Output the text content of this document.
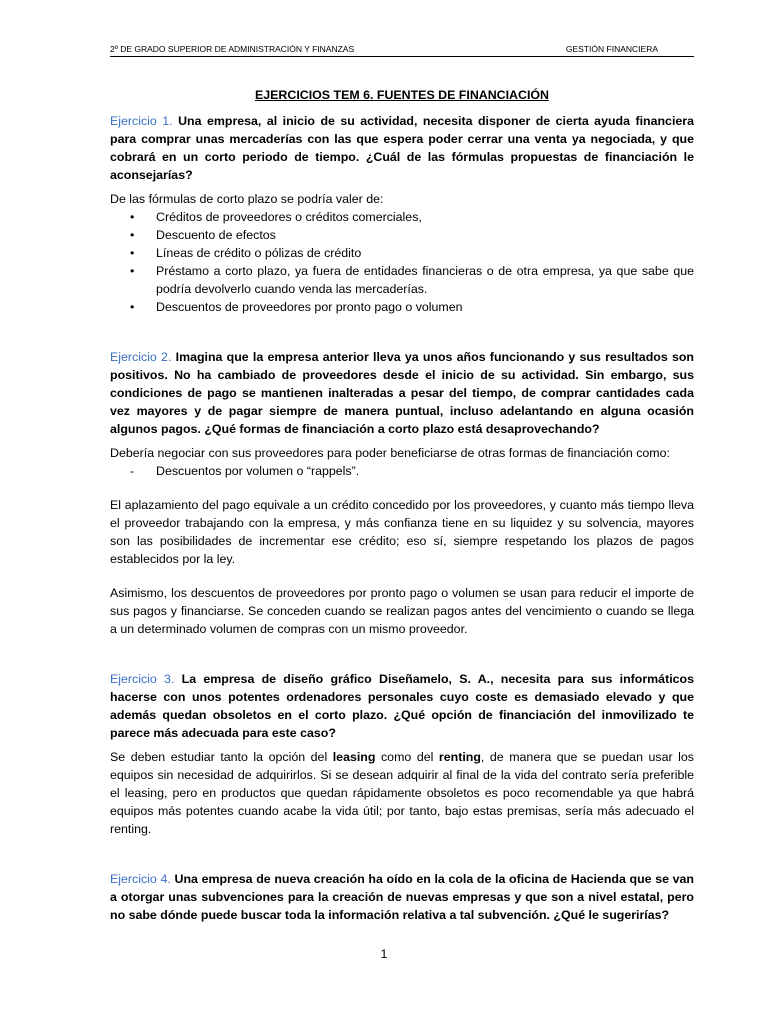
2º DE GRADO SUPERIOR DE ADMINISTRACIÓN Y FINANZAS	GESTIÓN FINANCIERA

EJERCICIOS TEM 6. FUENTES DE FINANCIACIÓN

Ejercicio 1. Una empresa, al inicio de su actividad, necesita disponer de cierta ayuda financiera para comprar unas mercaderías con las que espera poder cerrar una venta ya negociada, y que cobrará en un corto periodo de tiempo. ¿Cuál de las fórmulas propuestas de financiación le aconsejarías?

De las fórmulas de corto plazo se podría valer de:

• Créditos de proveedores o créditos comerciales,
• Descuento de efectos
• Líneas de crédito o pólizas de crédito
• Préstamo a corto plazo, ya fuera de entidades financieras o de otra empresa, ya que sabe que podría devolverlo cuando venda las mercaderías.
• Descuentos de proveedores por pronto pago o volumen

Ejercicio 2. Imagina que la empresa anterior lleva ya unos años funcionando y sus resultados son positivos. No ha cambiado de proveedores desde el inicio de su actividad. Sin embargo, sus condiciones de pago se mantienen inalteradas a pesar del tiempo, de comprar cantidades cada vez mayores y de pagar siempre de manera puntual, incluso adelantando en alguna ocasión algunos pagos. ¿Qué formas de financiación a corto plazo está desaprovechando?

Debería negociar con sus proveedores para poder beneficiarse de otras formas de financiación como:

- Descuentos por volumen o “rappels”.

El aplazamiento del pago equivale a un crédito concedido por los proveedores, y cuanto más tiempo lleva el proveedor trabajando con la empresa, y más confianza tiene en su liquidez y su solvencia, mayores son las posibilidades de incrementar ese crédito; eso sí, siempre respetando los plazos de pagos establecidos por la ley.

Asimismo, los descuentos de proveedores por pronto pago o volumen se usan para reducir el importe de sus pagos y financiarse. Se conceden cuando se realizan pagos antes del vencimiento o cuando se llega a un determinado volumen de compras con un mismo proveedor.

Ejercicio 3. La empresa de diseño gráfico Diseñamelo, S. A., necesita para sus informáticos hacerse con unos potentes ordenadores personales cuyo coste es demasiado elevado y que además quedan obsoletos en el corto plazo. ¿Qué opción de financiación del inmovilizado te parece más adecuada para este caso?

Se deben estudiar tanto la opción del leasing como del renting, de manera que se puedan usar los equipos sin necesidad de adquirirlos. Si se desean adquirir al final de la vida del contrato sería preferible el leasing, pero en productos que quedan rápidamente obsoletos es poco recomendable ya que habrá equipos más potentes cuando acabe la vida útil; por tanto, bajo estas premisas, sería más adecuado el renting.

Ejercicio 4. Una empresa de nueva creación ha oído en la cola de la oficina de Hacienda que se van a otorgar unas subvenciones para la creación de nuevas empresas y que son a nivel estatal, pero no sabe dónde puede buscar toda la información relativa a tal subvención. ¿Qué le sugerirías?

1
